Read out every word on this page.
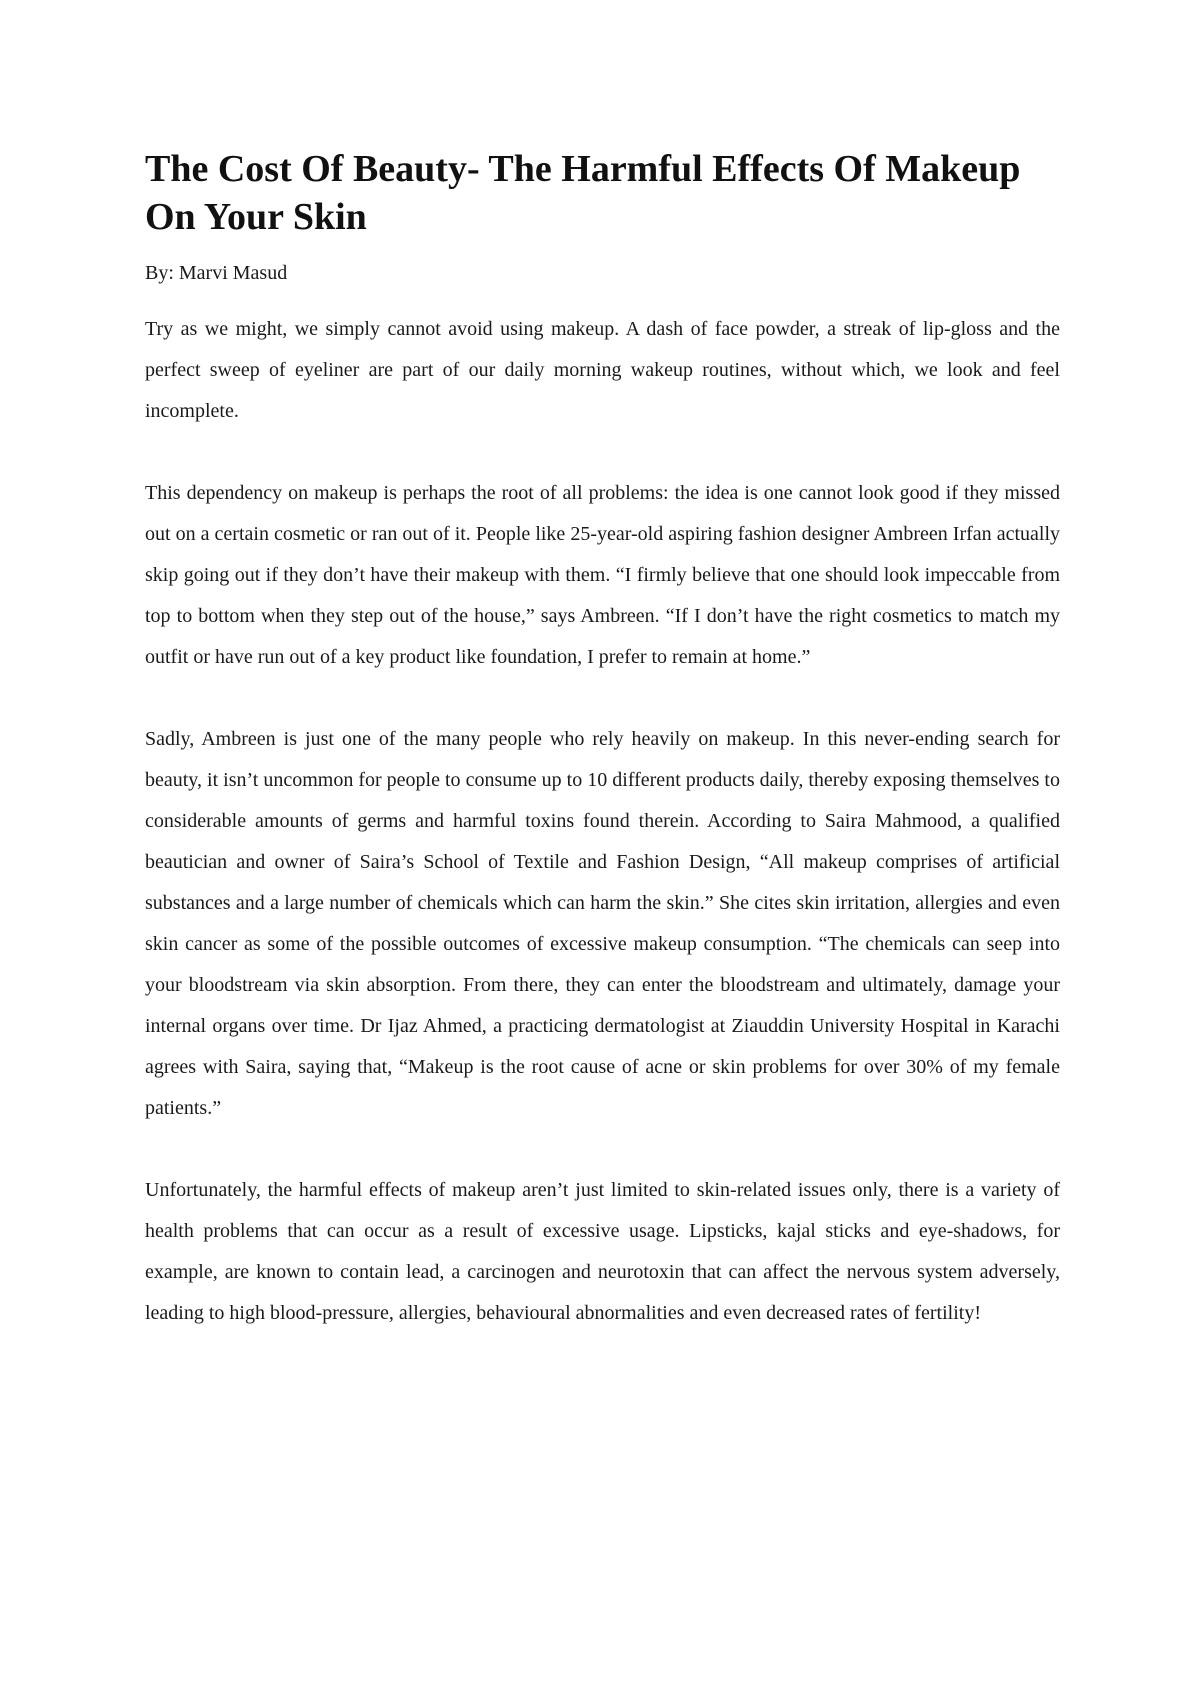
The Cost Of Beauty- The Harmful Effects Of Makeup On Your Skin
By: Marvi Masud

Try as we might, we simply cannot avoid using makeup. A dash of face powder, a streak of lip-gloss and the perfect sweep of eyeliner are part of our daily morning wakeup routines, without which, we look and feel incomplete.

This dependency on makeup is perhaps the root of all problems: the idea is one cannot look good if they missed out on a certain cosmetic or ran out of it. People like 25-year-old aspiring fashion designer Ambreen Irfan actually skip going out if they don’t have their makeup with them. “I firmly believe that one should look impeccable from top to bottom when they step out of the house,” says Ambreen. “If I don’t have the right cosmetics to match my outfit or have run out of a key product like foundation, I prefer to remain at home.”

Sadly, Ambreen is just one of the many people who rely heavily on makeup. In this never-ending search for beauty, it isn’t uncommon for people to consume up to 10 different products daily, thereby exposing themselves to considerable amounts of germs and harmful toxins found therein. According to Saira Mahmood, a qualified beautician and owner of Saira’s School of Textile and Fashion Design, “All makeup comprises of artificial substances and a large number of chemicals which can harm the skin.” She cites skin irritation, allergies and even skin cancer as some of the possible outcomes of excessive makeup consumption. “The chemicals can seep into your bloodstream via skin absorption. From there, they can enter the bloodstream and ultimately, damage your internal organs over time. Dr Ijaz Ahmed, a practicing dermatologist at Ziauddin University Hospital in Karachi agrees with Saira, saying that, “Makeup is the root cause of acne or skin problems for over 30% of my female patients.”

Unfortunately, the harmful effects of makeup aren’t just limited to skin-related issues only, there is a variety of health problems that can occur as a result of excessive usage. Lipsticks, kajal sticks and eye-shadows, for example, are known to contain lead, a carcinogen and neurotoxin that can affect the nervous system adversely, leading to high blood-pressure, allergies, behavioural abnormalities and even decreased rates of fertility!
